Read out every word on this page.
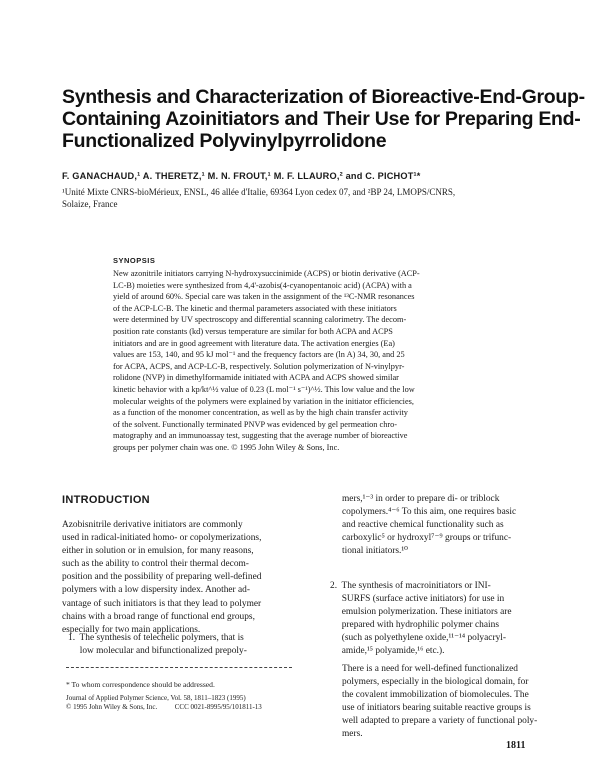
Synthesis and Characterization of Bioreactive-End-Group-
Containing Azoinitiators and Their Use for Preparing End-
Functionalized Polyvinylpyrrolidone
F. GANACHAUD,¹ A. THERETZ,¹ M. N. FROUT,¹ M. F. LLAURO,² and C. PICHOT¹*
¹Unité Mixte CNRS-bioMérieux, ENSL, 46 allée d'Italie, 69364 Lyon cedex 07, and ²BP 24, LMOPS/CNRS,
Solaize, France
SYNOPSIS
New azonitrile initiators carrying N-hydroxysuccinimide (ACPS) or biotin derivative (ACP-
LC-B) moieties were synthesized from 4,4'-azobis(4-cyanopentanoic acid) (ACPA) with a
yield of around 60%. Special care was taken in the assignment of the ¹³C-NMR resonances
of the ACP-LC-B. The kinetic and thermal parameters associated with these initiators
were determined by UV spectroscopy and differential scanning calorimetry. The decom-
position rate constants (kd) versus temperature are similar for both ACPA and ACPS
initiators and are in good agreement with literature data. The activation energies (Ea)
values are 153, 140, and 95 kJ mol⁻¹ and the frequency factors are (ln A) 34, 30, and 25
for ACPA, ACPS, and ACP-LC-B, respectively. Solution polymerization of N-vinylpyr-
rolidone (NVP) in dimethylformamide initiated with ACPA and ACPS showed similar
kinetic behavior with a kp/kt^½ value of 0.23 (L mol⁻¹ s⁻¹)^½. This low value and the low
molecular weights of the polymers were explained by variation in the initiator efficiencies,
as a function of the monomer concentration, as well as by the high chain transfer activity
of the solvent. Functionally terminated PNVP was evidenced by gel permeation chro-
matography and an immunoassay test, suggesting that the average number of bioreactive
groups per polymer chain was one. © 1995 John Wiley & Sons, Inc.
INTRODUCTION
Azobisnitrile derivative initiators are commonly
used in radical-initiated homo- or copolymerizations,
either in solution or in emulsion, for many reasons,
such as the ability to control their thermal decom-
position and the possibility of preparing well-defined
polymers with a low dispersity index. Another ad-
vantage of such initiators is that they lead to polymer
chains with a broad range of functional end groups,
especially for two main applications.
1.  The synthesis of telechelic polymers, that is
low molecular and bifunctionalized prepoly-
* To whom correspondence should be addressed.
Journal of Applied Polymer Science, Vol. 58, 1811–1823 (1995)
© 1995 John Wiley & Sons, Inc.          CCC 0021-8995/95/101811-13
mers,¹⁻³ in order to prepare di- or triblock
copolymers.⁴⁻⁶ To this aim, one requires basic
and reactive chemical functionality such as
carboxylic⁵ or hydroxyl⁷⁻⁹ groups or trifunc-
tional initiators.¹⁰
2.  The synthesis of macroinitiators or INI-
SURFS (surface active initiators) for use in
emulsion polymerization. These initiators are
prepared with hydrophilic polymer chains
(such as polyethylene oxide,¹¹⁻¹⁴ polyacryl-
amide,¹⁵ polyamide,¹⁶ etc.).
There is a need for well-defined functionalized
polymers, especially in the biological domain, for
the covalent immobilization of biomolecules. The
use of initiators bearing suitable reactive groups is
well adapted to prepare a variety of functional poly-
mers.
1811
